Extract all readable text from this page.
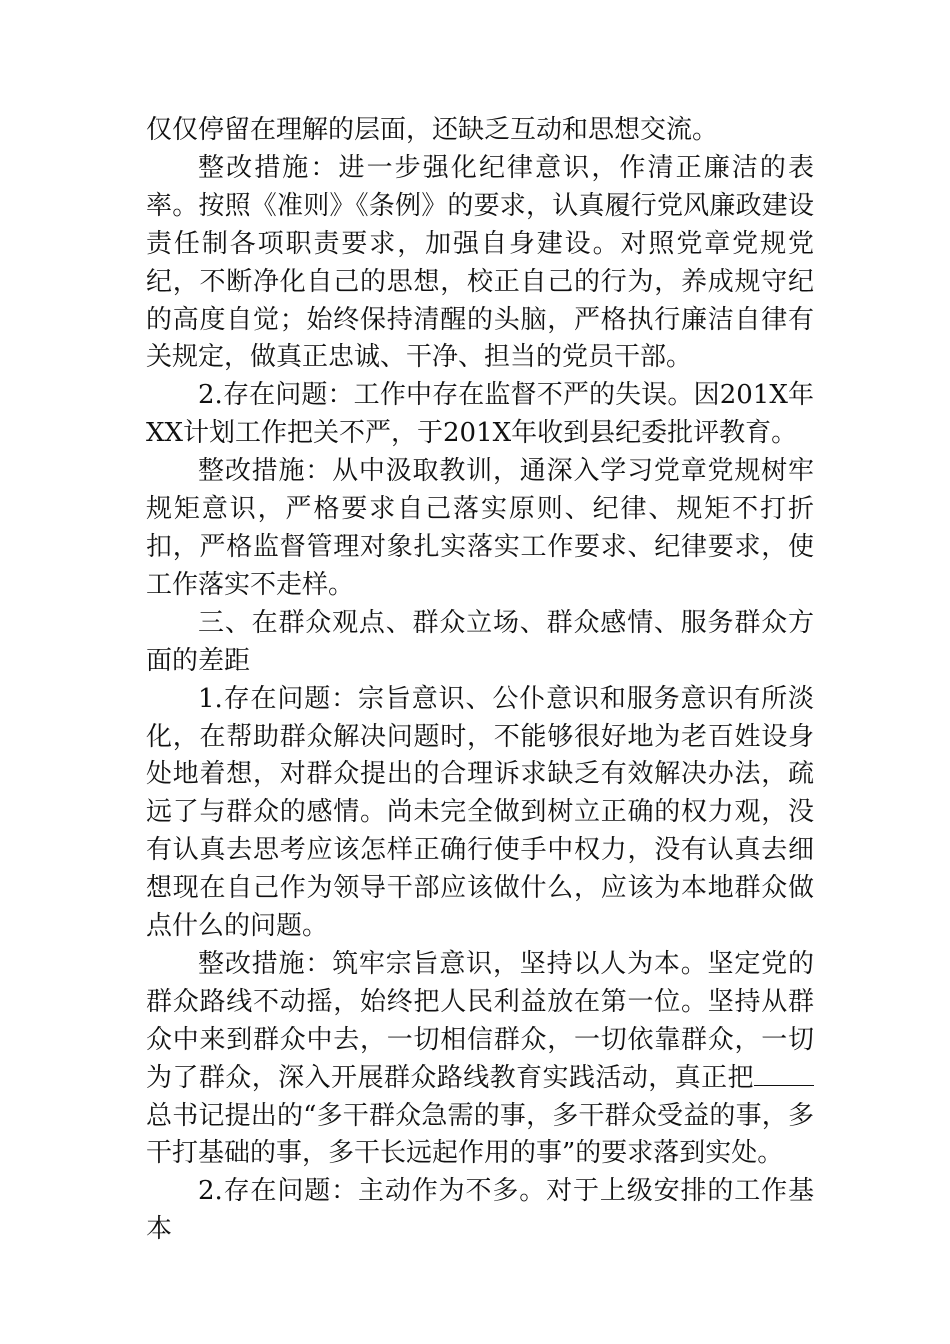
仅仅停留在理解的层面，还缺乏互动和思想交流。

整改措施：进一步强化纪律意识，作清正廉洁的表率。按照《准则》《条例》的要求，认真履行党风廉政建设责任制各项职责要求，加强自身建设。对照党章党规党纪，不断净化自己的思想，校正自己的行为，养成规守纪的高度自觉；始终保持清醒的头脑，严格执行廉洁自律有关规定，做真正忠诚、干净、担当的党员干部。

2.存在问题：工作中存在监督不严的失误。因201X年XX计划工作把关不严，于201X年收到县纪委批评教育。

整改措施：从中汲取教训，通深入学习党章党规树牢规矩意识，严格要求自己落实原则、纪律、规矩不打折扣，严格监督管理对象扎实落实工作要求、纪律要求，使工作落实不走样。

三、在群众观点、群众立场、群众感情、服务群众方面的差距

1.存在问题：宗旨意识、公仆意识和服务意识有所淡化，在帮助群众解决问题时，不能够很好地为老百姓设身处地着想，对群众提出的合理诉求缺乏有效解决办法，疏远了与群众的感情。尚未完全做到树立正确的权力观，没有认真去思考应该怎样正确行使手中权力，没有认真去细想现在自己作为领导干部应该做什么，应该为本地群众做点什么的问题。

整改措施：筑牢宗旨意识，坚持以人为本。坚定党的群众路线不动摇，始终把人民利益放在第一位。坚持从群众中来到群众中去，一切相信群众，一切依靠群众，一切为了群众，深入开展群众路线教育实践活动，真正把总书记提出的“多干群众急需的事，多干群众受益的事，多干打基础的事，多干长远起作用的事”的要求落到实处。

2.存在问题：主动作为不多。对于上级安排的工作基本
